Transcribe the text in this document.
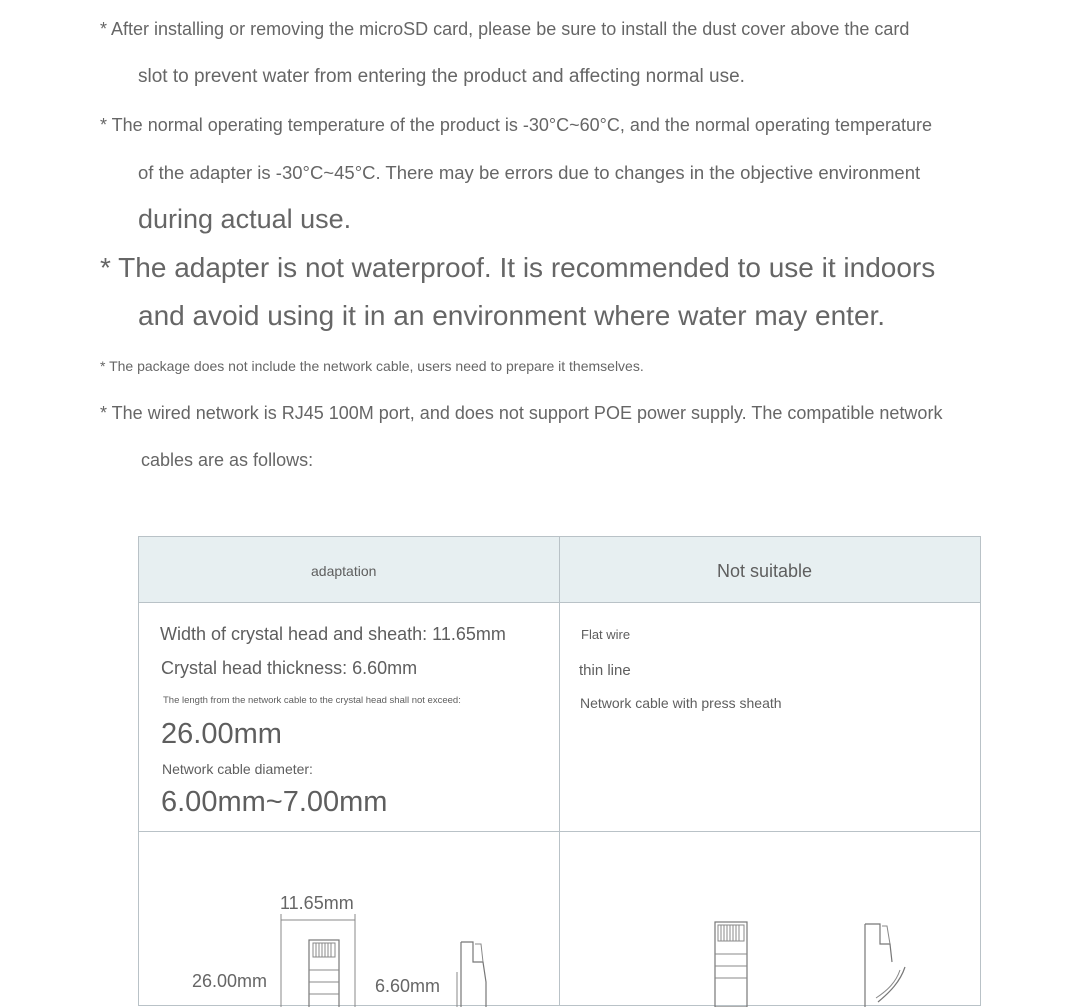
* After installing or removing the microSD card, please be sure to install the dust cover above the card
slot to prevent water from entering the product and affecting normal use.
* The normal operating temperature of the product is -30°C~60°C, and the normal operating temperature
of the adapter is -30°C~45°C. There may be errors due to changes in the objective environment
during actual use.
* The adapter is not waterproof. It is recommended to use it indoors
and avoid using it in an environment where water may enter.
* The package does not include the network cable, users need to prepare it themselves.
* The wired network is RJ45 100M port, and does not support POE power supply. The compatible network
cables are as follows:
adaptation	Not suitable
Width of crystal head and sheath: 11.65mm
Crystal head thickness: 6.60mm
The length from the network cable to the crystal head shall not exceed:
26.00mm
Network cable diameter:
6.00mm~7.00mm
Flat wire
thin line
Network cable with press sheath
11.65mm
26.00mm	6.60mm
